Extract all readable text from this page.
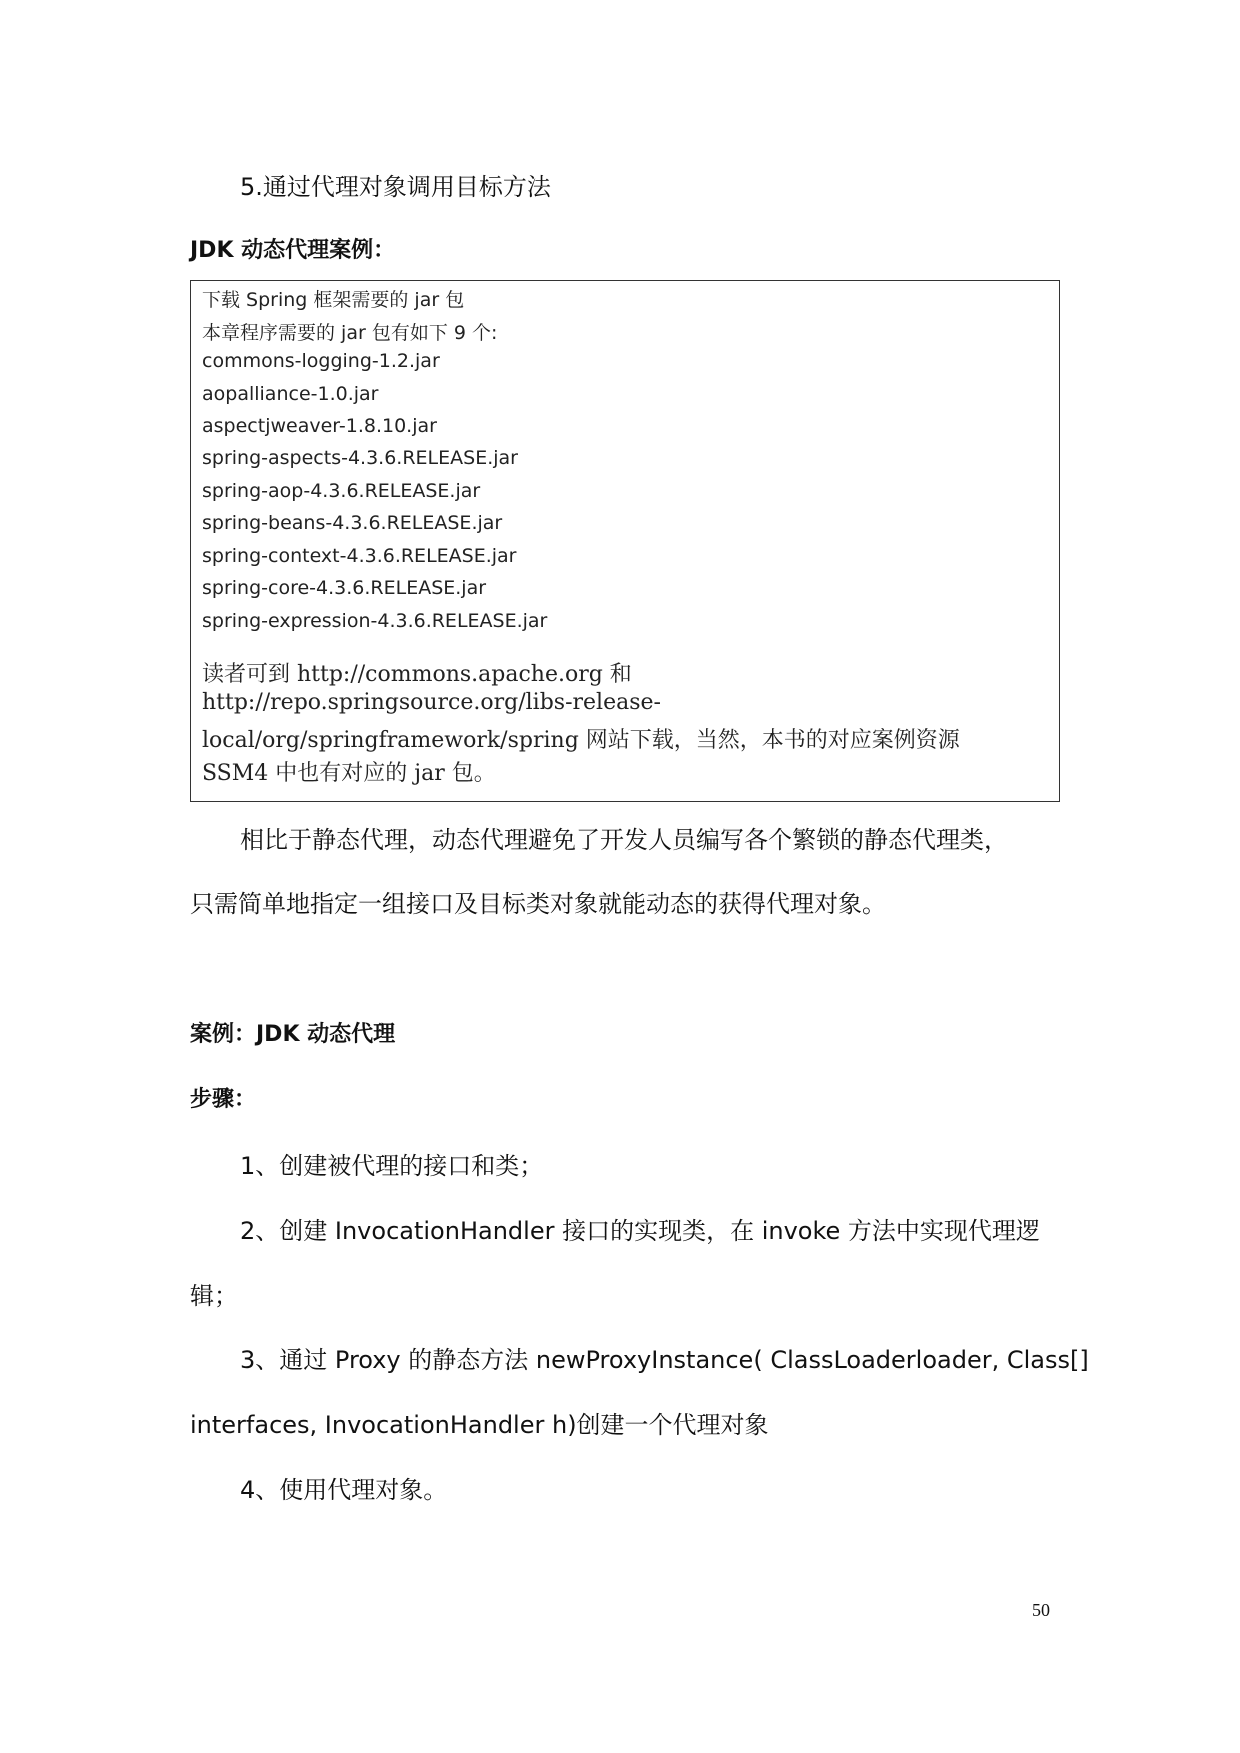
5.通过代理对象调用目标方法
JDK 动态代理案例：
下载 Spring 框架需要的 jar 包
本章程序需要的 jar 包有如下 9 个:
commons-logging-1.2.jar
aopalliance-1.0.jar
aspectjweaver-1.8.10.jar
spring-aspects-4.3.6.RELEASE.jar
spring-aop-4.3.6.RELEASE.jar
spring-beans-4.3.6.RELEASE.jar
spring-context-4.3.6.RELEASE.jar
spring-core-4.3.6.RELEASE.jar
spring-expression-4.3.6.RELEASE.jar
读者可到 http://commons.apache.org 和
http://repo.springsource.org/libs-release-
local/org/springframework/spring 网站下载，当然，本书的对应案例资源
SSM4 中也有对应的 jar 包。
相比于静态代理，动态代理避免了开发人员编写各个繁锁的静态代理类，
只需简单地指定一组接口及目标类对象就能动态的获得代理对象。
案例：JDK 动态代理
步骤：
1、创建被代理的接口和类；
2、创建 InvocationHandler 接口的实现类，在 invoke 方法中实现代理逻
辑；
3、通过 Proxy 的静态方法 newProxyInstance( ClassLoaderloader, Class[]
interfaces, InvocationHandler h)创建一个代理对象
4、使用代理对象。
50
